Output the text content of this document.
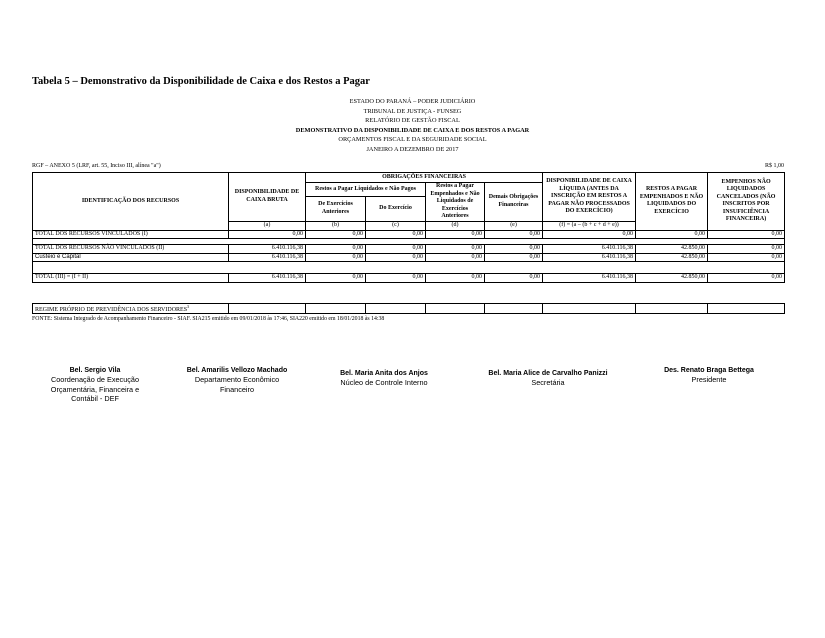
Tabela 5 – Demonstrativo da Disponibilidade de Caixa e dos Restos a Pagar
ESTADO DO PARANÁ – PODER JUDICIÁRIO
TRIBUNAL DE JUSTIÇA - FUNSEG
RELATÓRIO DE GESTÃO FISCAL
DEMONSTRATIVO DA DISPONIBILIDADE DE CAIXA E DOS RESTOS A PAGAR
ORÇAMENTOS FISCAL E DA SEGURIDADE SOCIAL
JANEIRO A DEZEMBRO DE 2017
RGF – ANEXO 5 (LRF, art. 55, Inciso III, alínea "a")	R$ 1,00
IDENTIFICAÇÃO DOS RECURSOS	DISPONIBILIDADE DE CAIXA BRUTA	OBRIGAÇÕES FINANCEIRAS				DISPONIBILIDADE DE CAIXA LÍQUIDA (ANTES DA INSCRIÇÃO EM RESTOS A PAGAR NÃO PROCESSADOS DO EXERCÍCIO)	RESTOS A PAGAR EMPENHADOS E NÃO LIQUIDADOS DO EXERCÍCIO	EMPENHOS NÃO LIQUIDADOS CANCELADOS (NÃO INSCRITOS POR INSUFICIÊNCIA FINANCEIRA)
		Restos a Pagar Liquidados e Não Pagos		Restos a Pagar Empenhados e Não Liquidados de Exercícios Anteriores	Demais Obrigações Financeiras			
		De Exercícios Anteriores	Do Exercício					
	(a)	(b)	(c)	(d)	(e)	(f) = (a – (b + c + d + e))		
TOTAL DOS RECURSOS VINCULADOS (I)	0,00	0,00	0,00	0,00	0,00	0,00	0,00	0,00

TOTAL DOS RECURSOS NÃO VINCULADOS (II)	6.410.116,38	0,00	0,00	0,00	0,00	6.410.116,38	42.850,00	0,00
Custeio e Capital	6.410.116,38	0,00	0,00	0,00	0,00	6.410.116,38	42.850,00	0,00

TOTAL (III) = (I + II)	6.410.116,38	0,00	0,00	0,00	0,00	6.410.116,38	42.850,00	0,00
REGIME PRÓPRIO DE PREVIDÊNCIA DOS SERVIDORES$^3$								
FONTE: Sistema Integrado de Acompanhamento Financeiro - SIAF. SIA215 emitido em 09/01/2018 às 17:46, SIA220 emitido em 18/01/2018 às 14:38
Bel. Sergio Vila
Coordenação de Execução Orçamentária, Financeira e Contábil - DEF
Bel. Amarilis Vellozo Machado
Departamento Econômico Financeiro
Bel. Maria Anita dos Anjos
Núcleo de Controle Interno
Bel. Maria Alice de Carvalho Panizzi
Secretária
Des. Renato Braga Bettega
Presidente
